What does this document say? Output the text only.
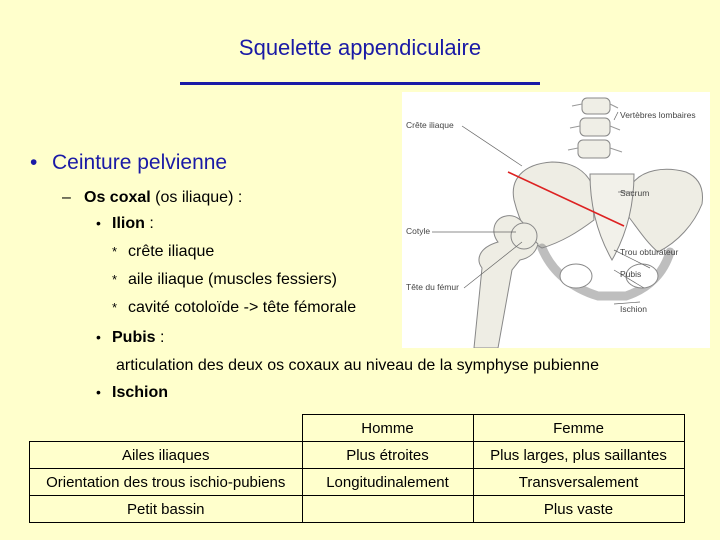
Squelette appendiculaire
Crête iliaque
Vertèbres lombaires
Sacrum
Cotyle
Trou obturateur
Pubis
Tête du fémur
Ischion
• Ceinture pelvienne
– Os coxal (os iliaque) :
• Ilion :
* crête iliaque
* aile iliaque (muscles fessiers)
* cavité cotoloïde -> tête fémorale
• Pubis :
articulation des deux os coxaux au niveau de la symphyse pubienne
• Ischion
	Homme	Femme
Ailes iliaques	Plus étroites	Plus larges, plus saillantes
Orientation des trous ischio-pubiens	Longitudinalement	Transversalement
Petit bassin		Plus vaste
